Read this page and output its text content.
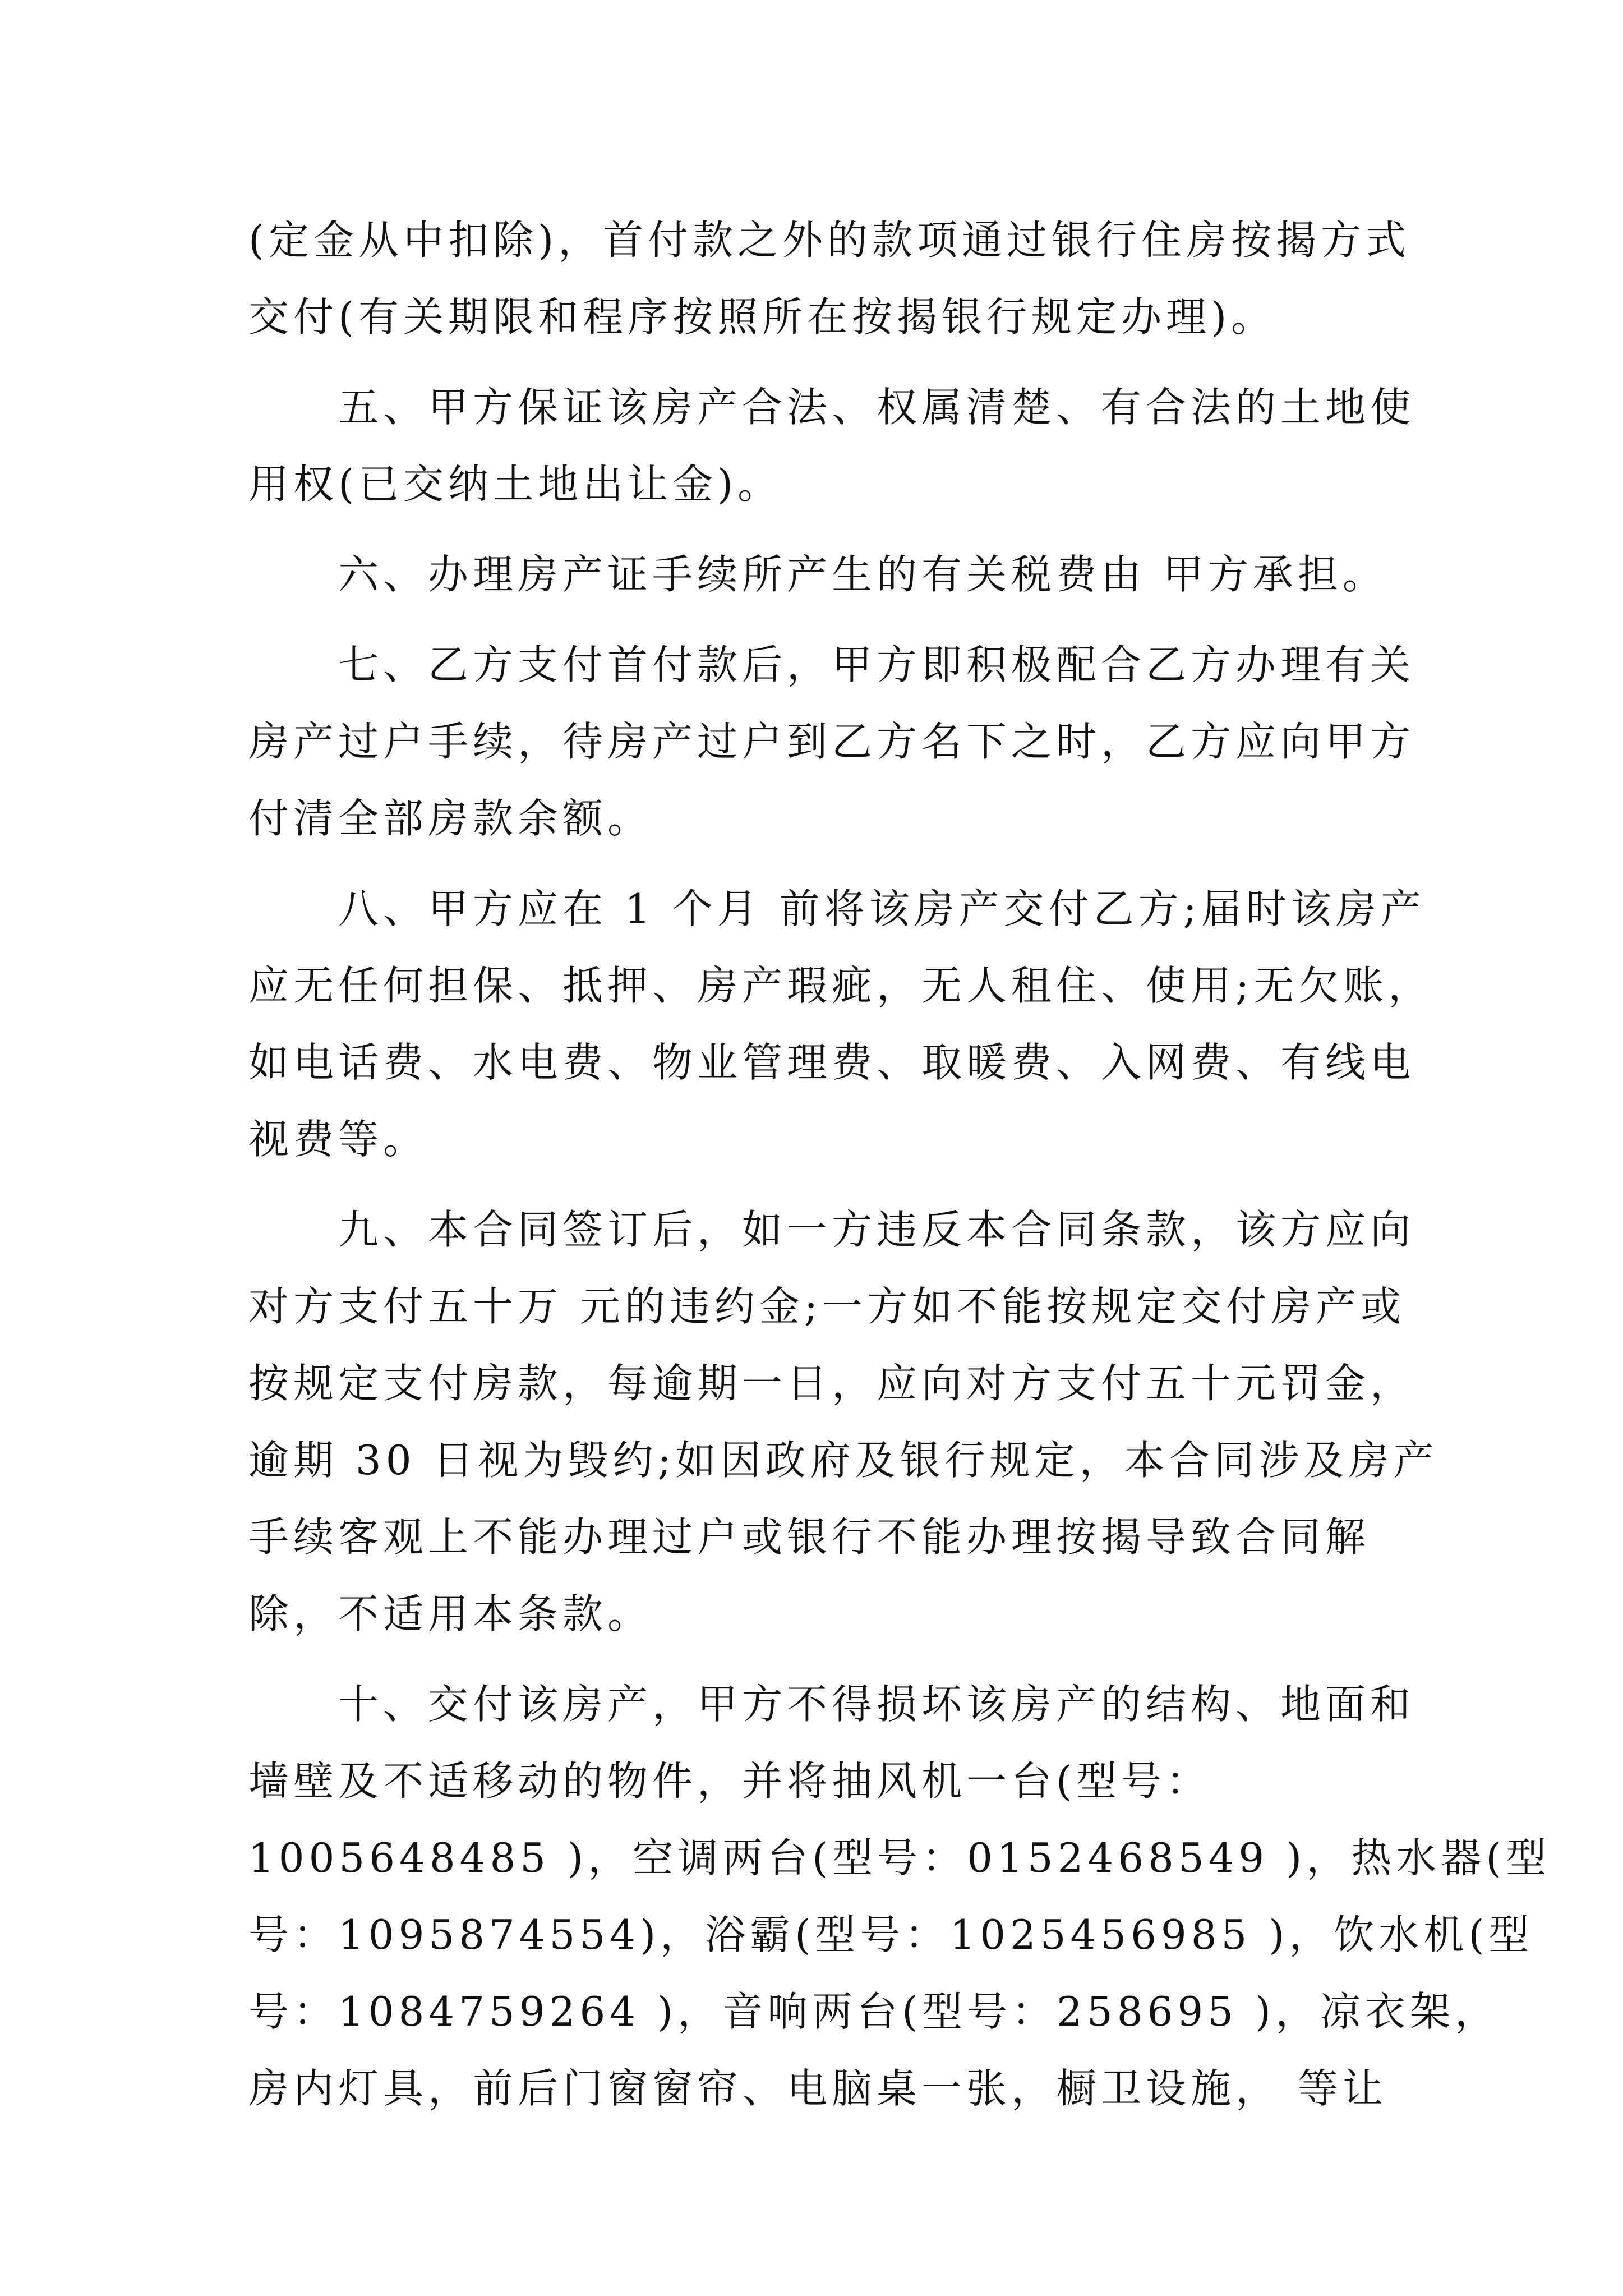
(定金从中扣除)，首付款之外的款项通过银行住房按揭方式
交付(有关期限和程序按照所在按揭银行规定办理)。
五、甲方保证该房产合法、权属清楚、有合法的土地使
用权(已交纳土地出让金)。
六、办理房产证手续所产生的有关税费由 甲方承担。
七、乙方支付首付款后，甲方即积极配合乙方办理有关
房产过户手续，待房产过户到乙方名下之时，乙方应向甲方
付清全部房款余额。
八、甲方应在 1 个月 前将该房产交付乙方;届时该房产
应无任何担保、抵押、房产瑕疵，无人租住、使用;无欠账，
如电话费、水电费、物业管理费、取暖费、入网费、有线电
视费等。
九、本合同签订后，如一方违反本合同条款，该方应向
对方支付五十万 元的违约金;一方如不能按规定交付房产或
按规定支付房款，每逾期一日，应向对方支付五十元罚金，
逾期 30 日视为毁约;如因政府及银行规定，本合同涉及房产
手续客观上不能办理过户或银行不能办理按揭导致合同解
除，不适用本条款。
十、交付该房产，甲方不得损坏该房产的结构、地面和
墙壁及不适移动的物件，并将抽风机一台(型号：
1005648485 )，空调两台(型号：0152468549 )，热水器(型
号：1095874554)，浴霸(型号：1025456985 )，饮水机(型
号：1084759264 )，音响两台(型号：258695 )，凉衣架，
房内灯具，前后门窗窗帘、电脑桌一张，橱卫设施， 等让
